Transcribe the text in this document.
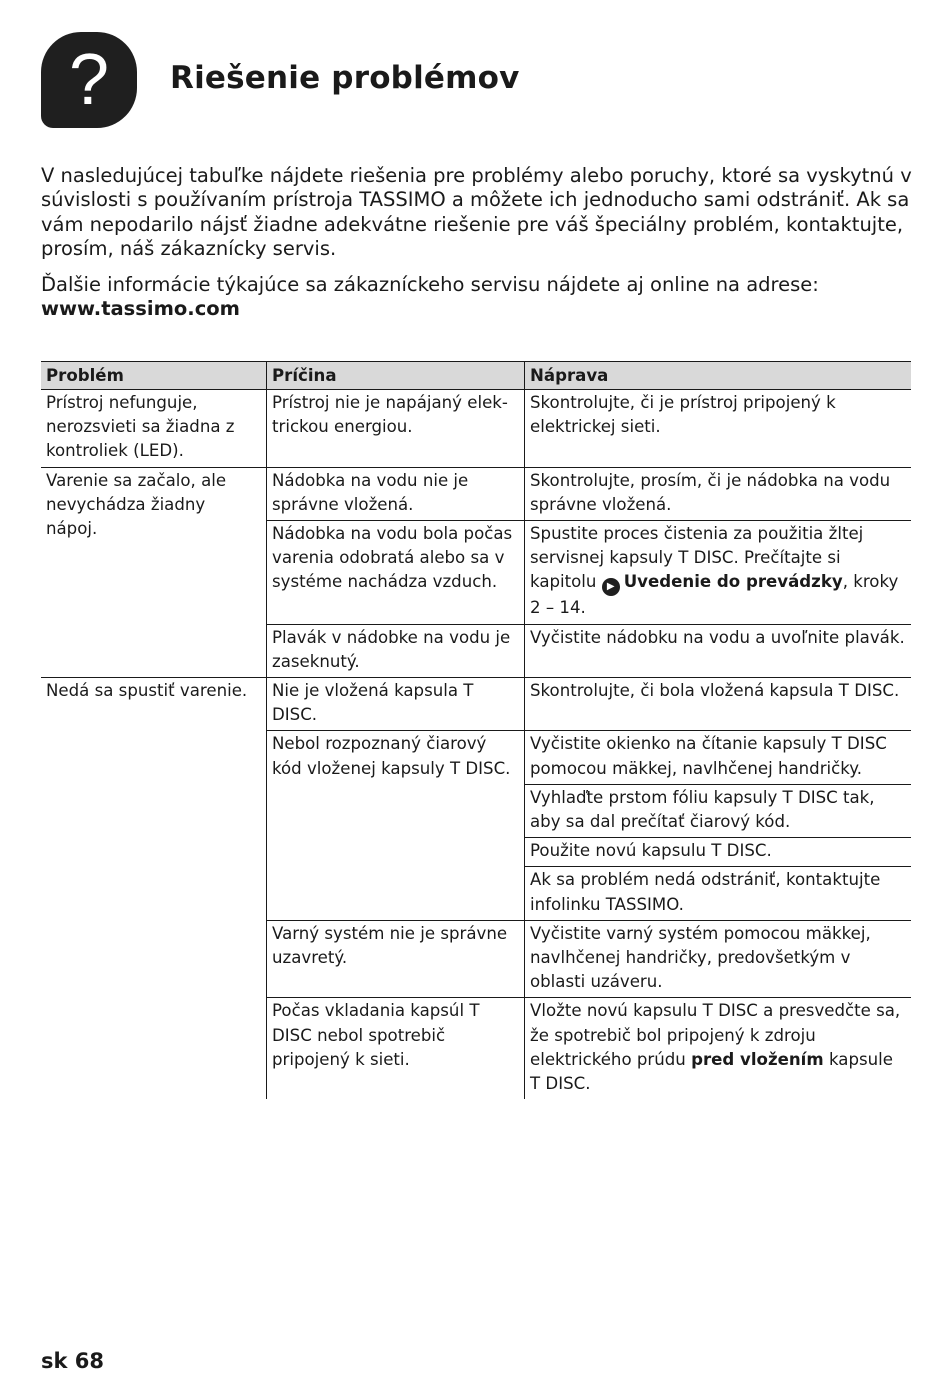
?	Riešenie problémov

V nasledujúcej tabuľke nájdete riešenia pre problémy alebo poruchy, ktoré sa vyskytnú v súvislosti s používaním prístroja TASSIMO a môžete ich jednoducho sami odstrániť. Ak sa vám nepodarilo nájsť žiadne adekvátne riešenie pre váš špeciálny problém, kontaktujte, prosím, náš zákaznícky servis.

Ďalšie informácie týkajúce sa zákazníckeho servisu nájdete aj online na adrese:
www.tassimo.com

Problém	Príčina	Náprava
Prístroj nefunguje, nerozsvieti sa žiadna z kontroliek (LED).	Prístroj nie je napájaný elek-trickou energiou.	Skontrolujte, či je prístroj pripojený k elektrickej sieti.
Varenie sa začalo, ale nevychádza žiadny nápoj.	Nádobka na vodu nie je správne vložená.	Skontrolujte, prosím, či je nádobka na vodu správne vložená.
	Nádobka na vodu bola počas varenia odobratá alebo sa v systéme nachádza vzduch.	Spustite proces čistenia za použitia žltej servisnej kapsuly T DISC. Prečítajte si kapitolu ▶ Uvedenie do prevádzky, kroky 2 – 14.
	Plavák v nádobke na vodu je zaseknutý.	Vyčistite nádobku na vodu a uvoľnite plavák.
Nedá sa spustiť varenie.	Nie je vložená kapsula T DISC.	Skontrolujte, či bola vložená kapsula T DISC.
	Nebol rozpoznaný čiarový kód vloženej kapsuly T DISC.	Vyčistite okienko na čítanie kapsuly T DISC pomocou mäkkej, navlhčenej handričky.
		Vyhlaďte prstom fóliu kapsuly T DISC tak, aby sa dal prečítať čiarový kód.
		Použite novú kapsulu T DISC.
		Ak sa problém nedá odstrániť, kontaktujte infolinku TASSIMO.
	Varný systém nie je správne uzavretý.	Vyčistite varný systém pomocou mäkkej, navlhčenej handričky, predovšetkým v oblasti uzáveru.
	Počas vkladania kapsúl T DISC nebol spotrebič pripojený k sieti.	Vložte novú kapsulu T DISC a presvedčte sa, že spotrebič bol pripojený k zdroju elektrického prúdu pred vložením kapsule T DISC.
sk 68
